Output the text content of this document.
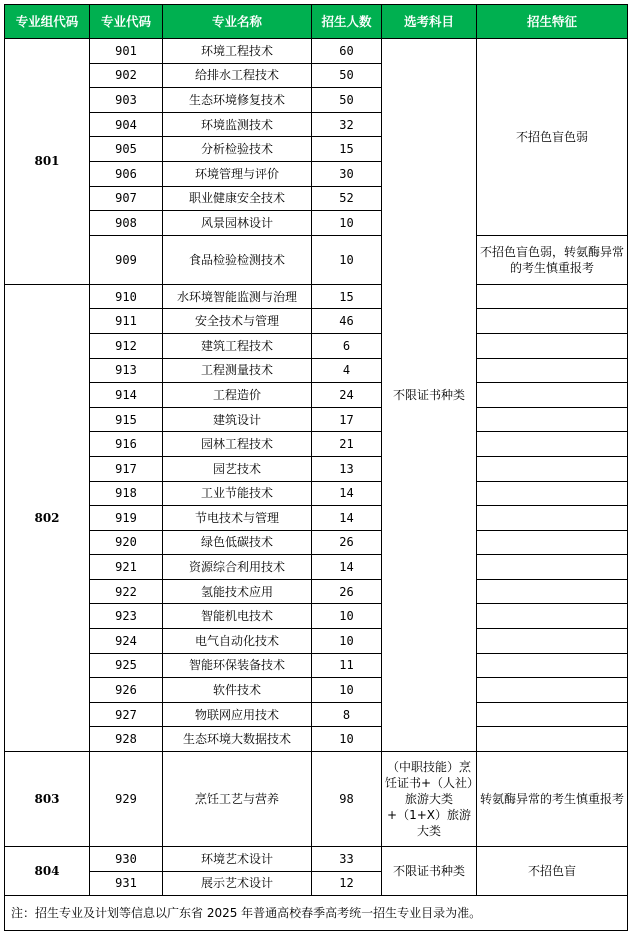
专业组代码	专业代码	专业名称	招生人数	选考科目	招生特征
801	901	环境工程技术	60	不限证书种类	不招色盲色弱
	902	给排水工程技术	50		
	903	生态环境修复技术	50		
	904	环境监测技术	32		
	905	分析检验技术	15		
	906	环境管理与评价	30		
	907	职业健康安全技术	52		
	908	风景园林设计	10		
	909	食品检验检测技术	10		不招色盲色弱，转氨酶异常的考生慎重报考
802	910	水环境智能监测与治理	15		
	911	安全技术与管理	46		
	912	建筑工程技术	6		
	913	工程测量技术	4		
	914	工程造价	24		
	915	建筑设计	17		
	916	园林工程技术	21		
	917	园艺技术	13		
	918	工业节能技术	14		
	919	节电技术与管理	14		
	920	绿色低碳技术	26		
	921	资源综合利用技术	14		
	922	氢能技术应用	26		
	923	智能机电技术	10		
	924	电气自动化技术	10		
	925	智能环保装备技术	11		
	926	软件技术	10		
	927	物联网应用技术	8		
	928	生态环境大数据技术	10		
803	929	烹饪工艺与营养	98	（中职技能）烹饪证书+（人社）旅游大类+（1+X）旅游大类	转氨酶异常的考生慎重报考
804	930	环境艺术设计	33	不限证书种类	不招色盲
	931	展示艺术设计	12		
注：招生专业及计划等信息以广东省 2025 年普通高校春季高考统一招生专业目录为准。					
